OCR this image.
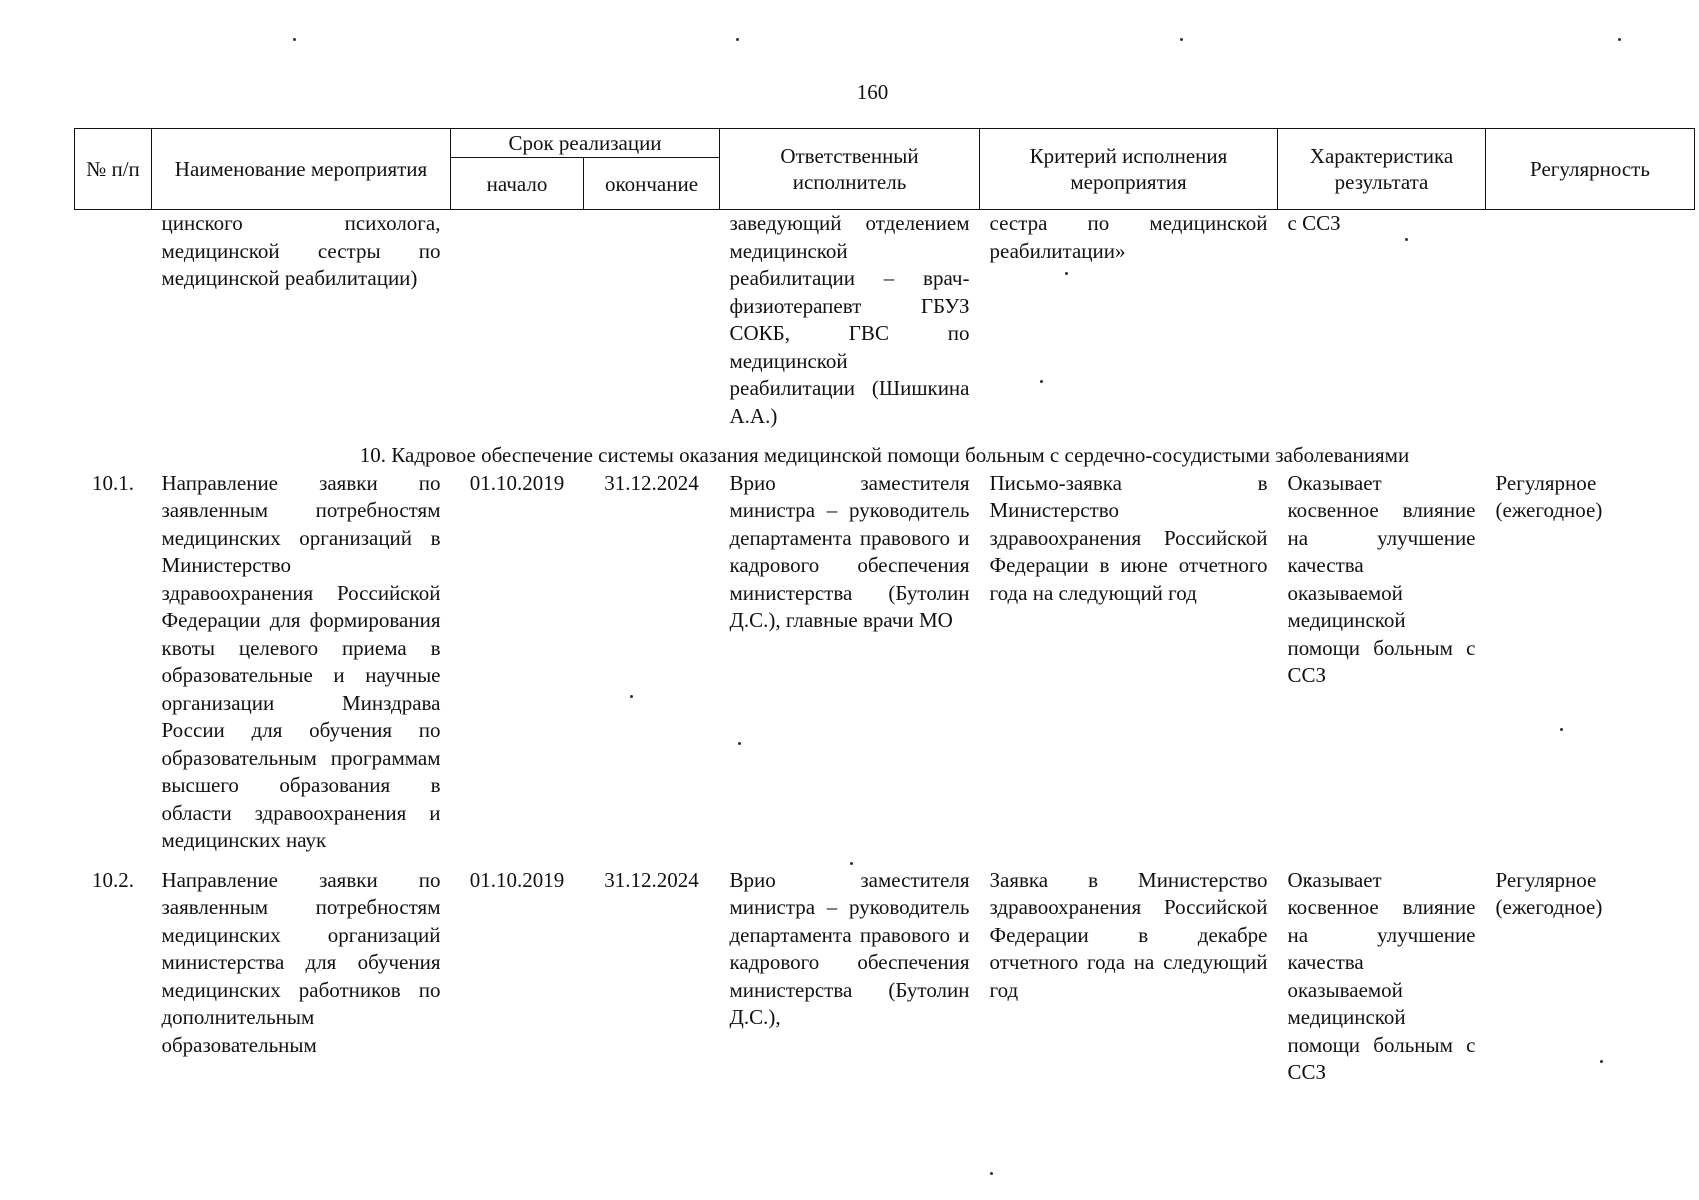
160
№ п/п	Наименование мероприятия	Срок реализации		Ответственный исполнитель	Критерий исполнения мероприятия	Характеристика результата	Регулярность
		начало	окончание				
	цинского психолога, медицинской сестры по медицинской реабилитации)			заведующий отделением медицинской реабилитации – врач-физиотерапевт ГБУЗ СОКБ, ГВС по медицинской реабилитации (Шишкина А.А.)	сестра по медицинской реабилитации»	с ССЗ	
10. Кадровое обеспечение системы оказания медицинской помощи больным с сердечно-сосудистыми заболеваниями							
10.1.	Направление заявки по заявленным потребностям медицинских организаций в Министерство здравоохранения Российской Федерации для формирования квоты целевого приема в образовательные и научные организации Минздрава России для обучения по образовательным программам высшего образования в области здравоохранения и медицинских наук	01.10.2019	31.12.2024	Врио заместителя министра – руководитель департамента правового и кадрового обеспечения министерства (Бутолин Д.С.), главные врачи МО	Письмо-заявка в Министерство здравоохранения Российской Федерации в июне отчетного года на следующий год	Оказывает косвенное влияние на улучшение качества оказываемой медицинской помощи больным с ССЗ	Регулярное (ежегодное)

10.2.	Направление заявки по заявленным потребностям медицинских организаций министерства для обучения медицинских работников по дополнительным образовательным	01.10.2019	31.12.2024	Врио заместителя министра – руководитель департамента правового и кадрового обеспечения министерства (Бутолин Д.С.),	Заявка в Министерство здравоохранения Российской Федерации в декабре отчетного года на следующий год	Оказывает косвенное влияние на улучшение качества оказываемой медицинской помощи больным с ССЗ	Регулярное (ежегодное)
